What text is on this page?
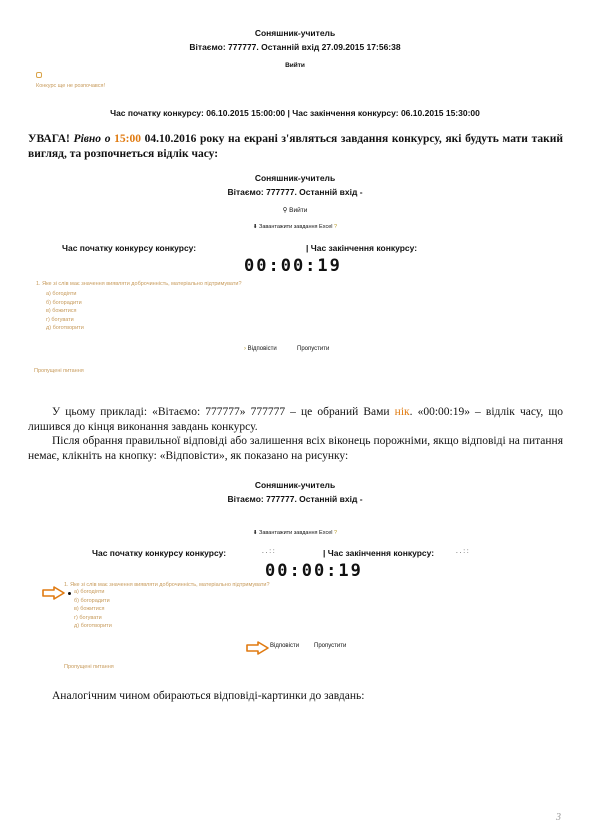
Соняшник-учитель
Вітаємо: 777777. Останній вхід 27.09.2015 17:56:38
Вийти
Конкурс ще не розпочався!
Час початку конкурсу: 06.10.2015 15:00:00 | Час закінчення конкурсу: 06.10.2015 15:30:00
УВАГА! Рівно о 15:00 04.10.2016 року на екрані з'являться завдання конкурсу, які будуть мати такий вигляд, та розпочнеться відлік часу:
Соняшник-учитель
Вітаємо: 777777. Останній вхід -
⚲ Вийти
⬇ Завантажити завдання Excel ?
Час початку конкурсу конкурсу:	| Час закінчення конкурсу:
00:00:19
1. Яке зі слів має значення виявляти доброчинність, матеріально підтримувати?
а) богодіяти
б) богорадити
в) божитися
г) богувати
д) боготворити
› Відповісти	Пропустити
Пропущені питання
У цьому прикладі: «Вітаємо: 777777» 777777 – це обраний Вами нік. «00:00:19» – відлік часу, що лишився до кінця виконання завдань конкурсу.
Після обрання правильної відповіді або залишення всіх віконець порожніми, якщо відповіді на питання немає, клікніть на кнопку: «Відповісти», як показано на рисунку:
Соняшник-учитель
Вітаємо: 777777. Останній вхід -
⬇ Завантажити завдання Excel ?
Час початку конкурсу конкурсу:	. . : :	| Час закінчення конкурсу:	. . : :
00:00:19
1. Яке зі слів має значення виявляти доброчинність, матеріально підтримувати?
а) богодіяти
б) богорадити
в) божитися
г) богувати
д) боготворити
Відповісти Пропустити
Пропущені питання
Аналогічним чином обираються відповіді-картинки до завдань:
3
